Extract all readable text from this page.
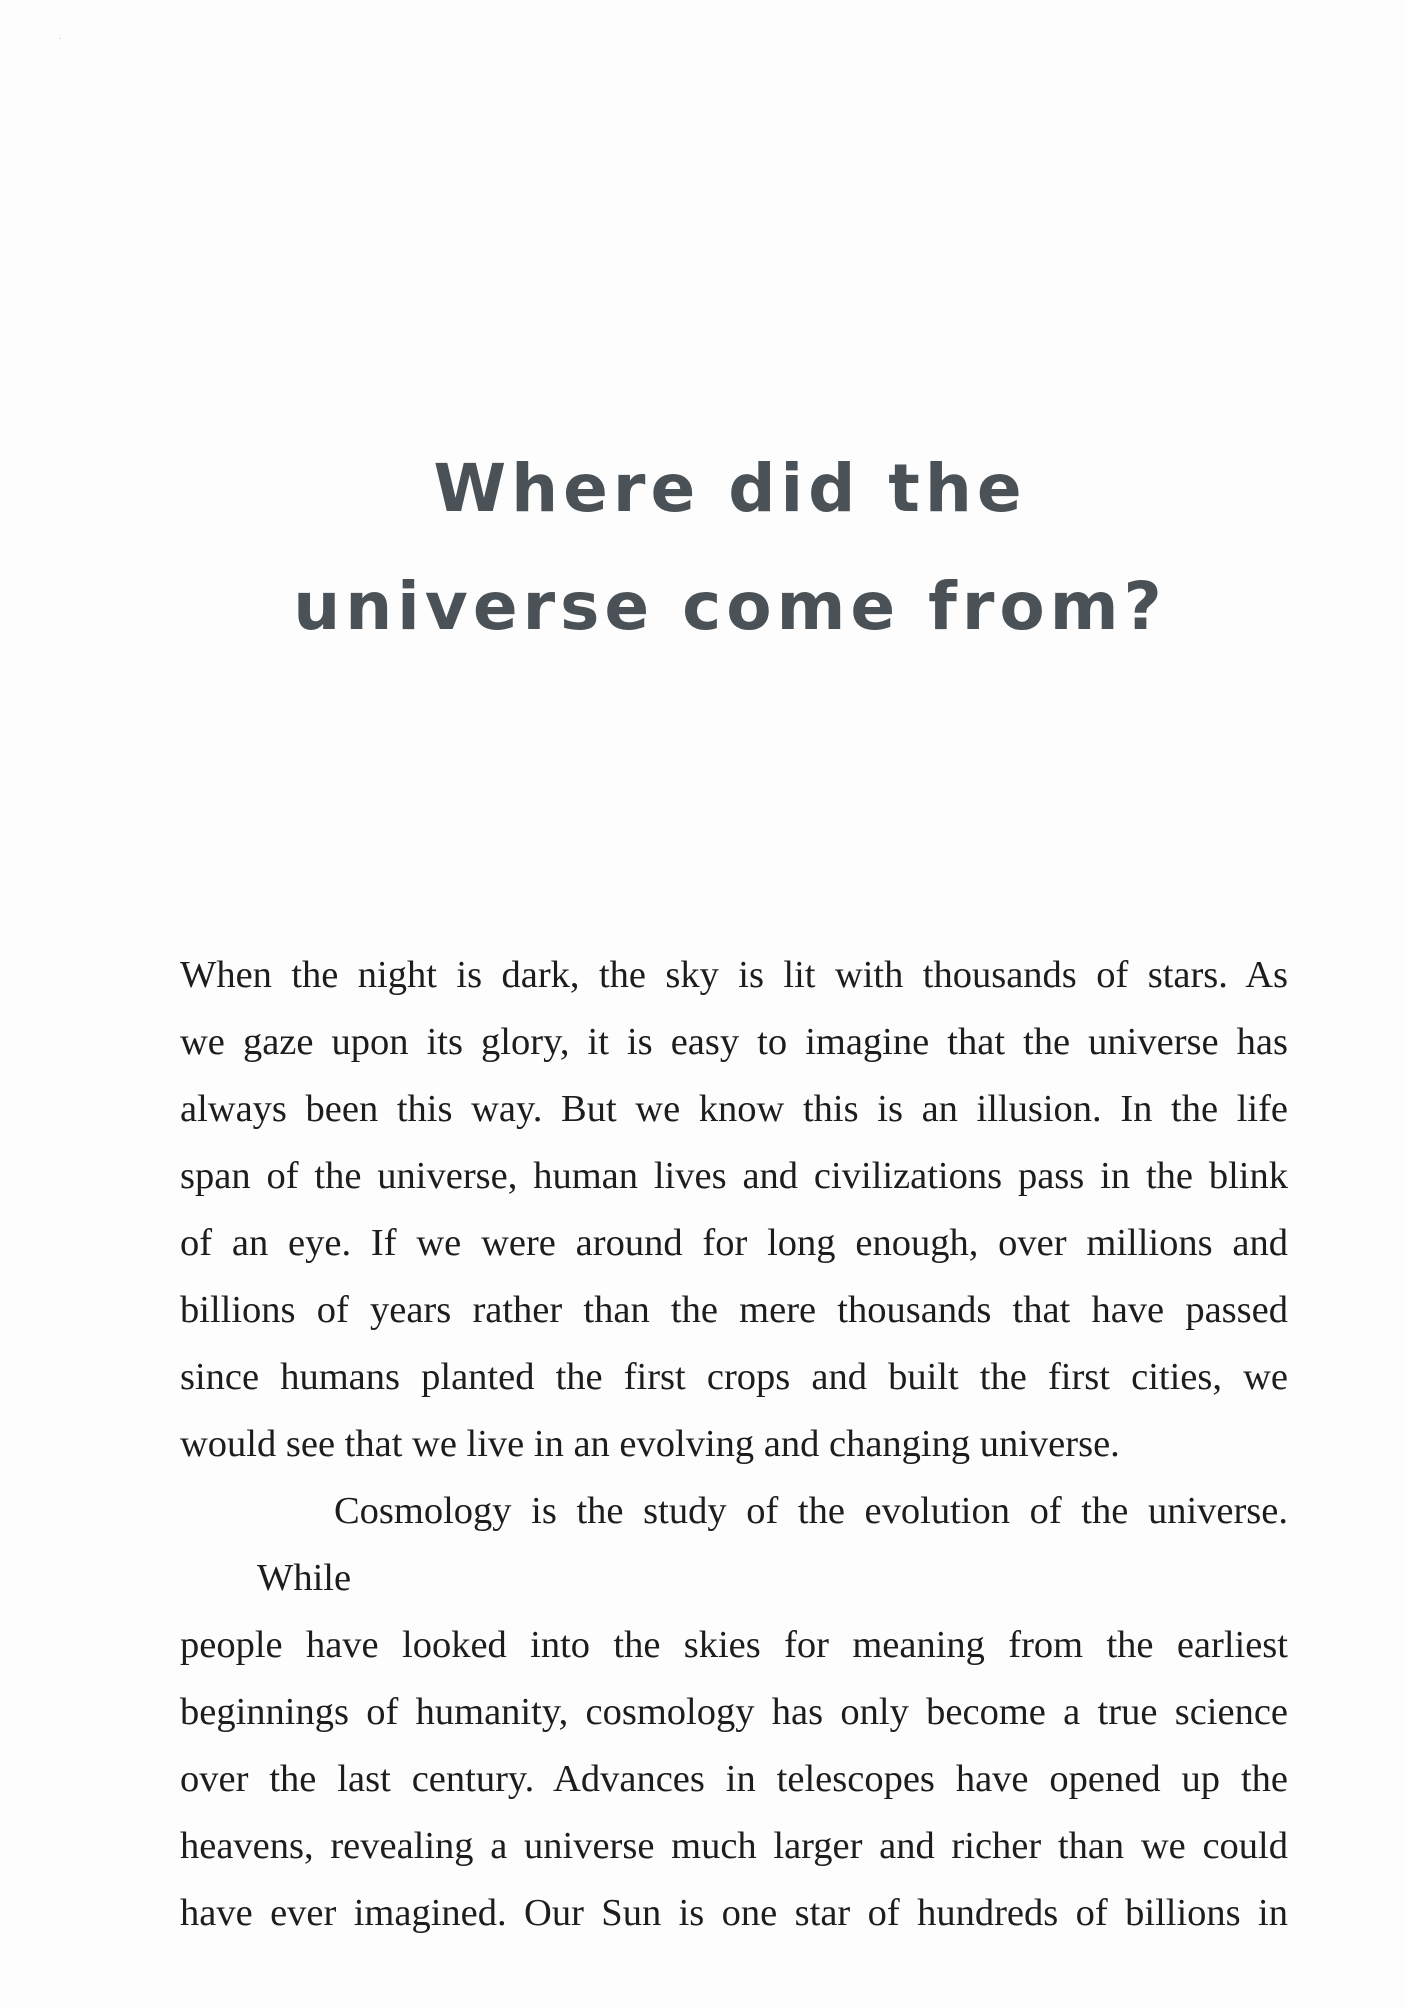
·
Where did the
universe come from?
When the night is dark, the sky is lit with thousands of stars. As
we gaze upon its glory, it is easy to imagine that the universe has
always been this way. But we know this is an illusion. In the life
span of the universe, human lives and civilizations pass in the blink
of an eye. If we were around for long enough, over millions and
billions of years rather than the mere thousands that have passed
since humans planted the first crops and built the first cities, we
would see that we live in an evolving and changing universe.
Cosmology is the study of the evolution of the universe. While
people have looked into the skies for meaning from the earliest
beginnings of humanity, cosmology has only become a true science
over the last century. Advances in telescopes have opened up the
heavens, revealing a universe much larger and richer than we could
have ever imagined. Our Sun is one star of hundreds of billions in
